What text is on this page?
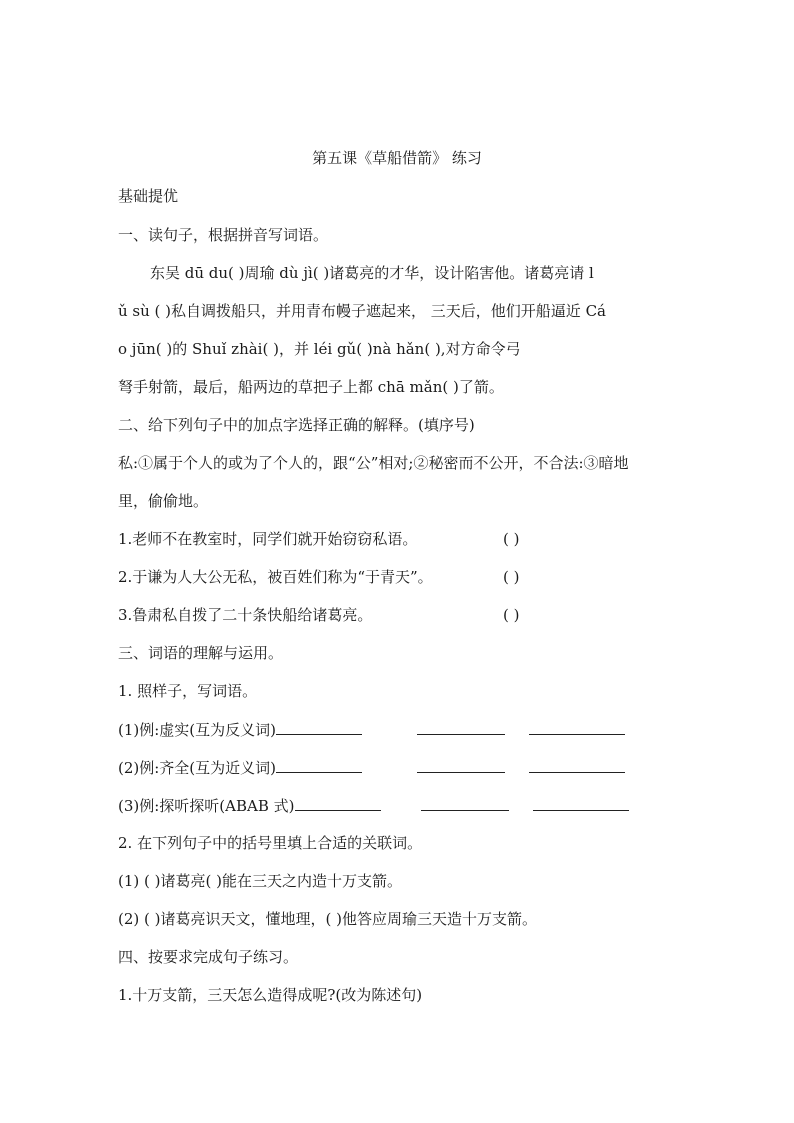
第五课《草船借箭》 练习
基础提优
一、读句子，根据拼音写词语。
东吴 dū du( )周瑜 dù jì( )诸葛亮的才华，设计陷害他。诸葛亮请 l
ǔ sù ( )私自调拨船只，并用青布幔子遮起来， 三天后，他们开船逼近 Cá
o jūn( )的 Shuǐ zhài( )，并 léi gǔ( )nà hǎn( ),对方命令弓
弩手射箭，最后，船两边的草把子上都 chā mǎn( )了箭。
二、给下列句子中的加点字选择正确的解释。(填序号)
私:①属于个人的或为了个人的，跟“公”相对;②秘密而不公开，不合法:③暗地
里，偷偷地。
1.老师不在教室时，同学们就开始窃窃私语。	( )
2.于谦为人大公无私，被百姓们称为“于青天”。	( )
3.鲁肃私自拨了二十条快船给诸葛亮。	( )
三、词语的理解与运用。
1. 照样子，写词语。
(1)例:虚实(互为反义词)
(2)例:齐全(互为近义词)
(3)例:探听探听(ABAB 式)
2. 在下列句子中的括号里填上合适的关联词。
(1) ( )诸葛亮( )能在三天之内造十万支箭。
(2) ( )诸葛亮识天文，懂地理，( )他答应周瑜三天造十万支箭。
四、按要求完成句子练习。
1.十万支箭，三天怎么造得成呢?(改为陈述句)
